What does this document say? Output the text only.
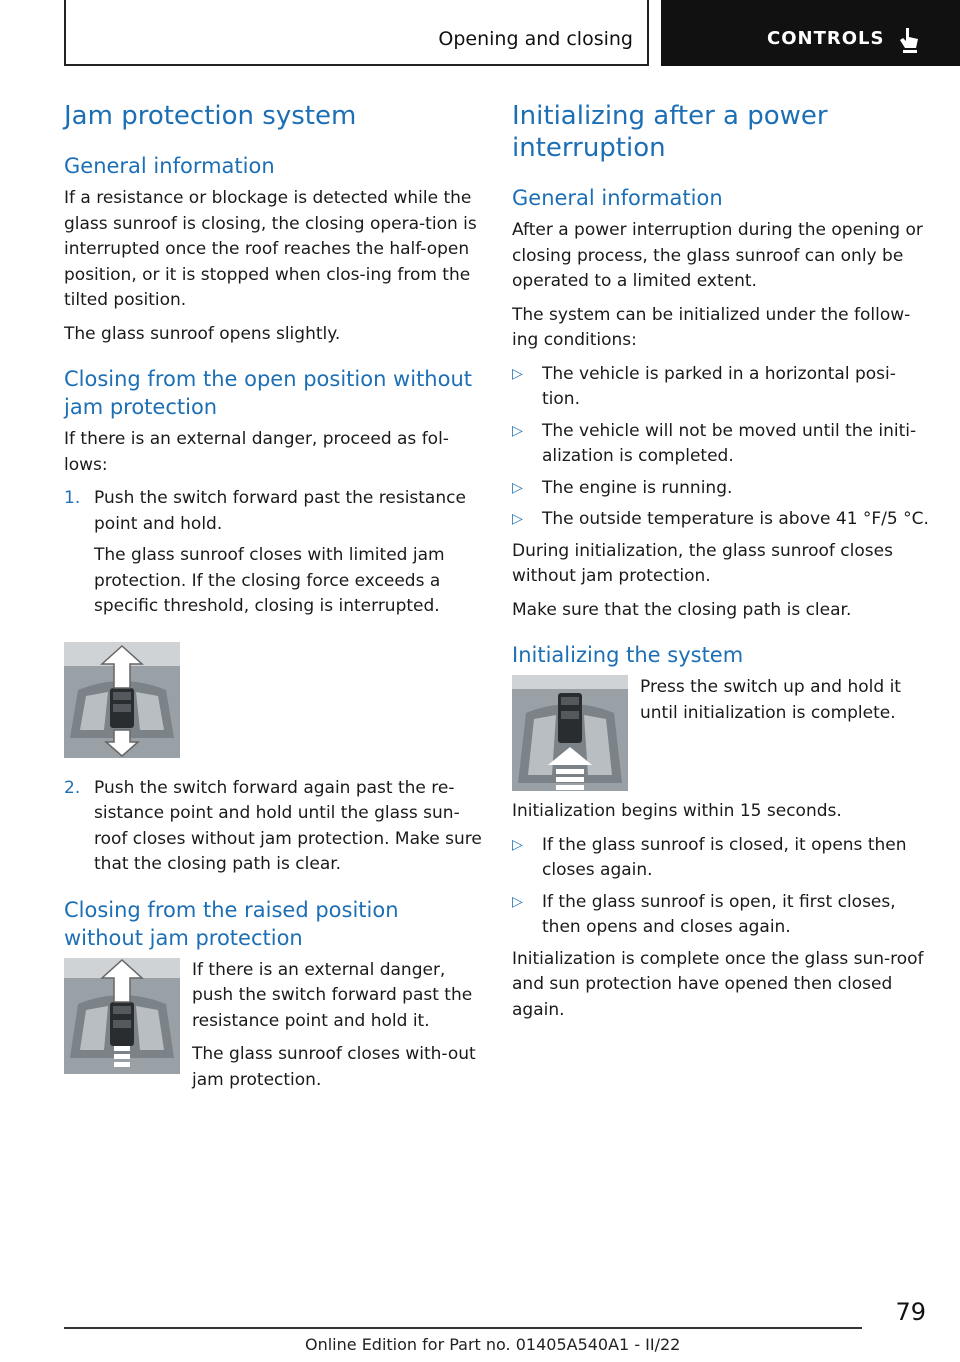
Opening and closing	CONTROLS
Jam protection system
General information

If a resistance or blockage is detected while the glass sunroof is closing, the closing opera‐tion is interrupted once the roof reaches the half-open position, or it is stopped when clos‐ing from the tilted position.

The glass sunroof opens slightly.

Closing from the open position without jam protection

If there is an external danger, proceed as fol‐lows:

1. Push the switch forward past the resistance point and hold.

The glass sunroof closes with limited jam protection. If the closing force exceeds a specific threshold, closing is interrupted.

2. Push the switch forward again past the re‐sistance point and hold until the glass sun‐roof closes without jam protection. Make sure that the closing path is clear.
Closing from the raised position without jam protection

If there is an external danger, push the switch forward past the resistance point and hold it.

The glass sunroof closes with‐out jam protection.

Initializing after a power interruption
General information

After a power interruption during the opening or closing process, the glass sunroof can only be operated to a limited extent.

The system can be initialized under the follow‐ing conditions:

▷ The vehicle is parked in a horizontal posi‐tion.
▷ The vehicle will not be moved until the initi‐alization is completed.
▷ The engine is running.
▷ The outside temperature is above 41 °F/5 °C.

During initialization, the glass sunroof closes without jam protection.

Make sure that the closing path is clear.

Initializing the system

Press the switch up and hold it until initialization is complete.

Initialization begins within 15 seconds.

▷ If the glass sunroof is closed, it opens then closes again.
▷ If the glass sunroof is open, it first closes, then opens and closes again.

Initialization is complete once the glass sun‐roof and sun protection have opened then closed again.

79
Online Edition for Part no. 01405A540A1 - II/22
